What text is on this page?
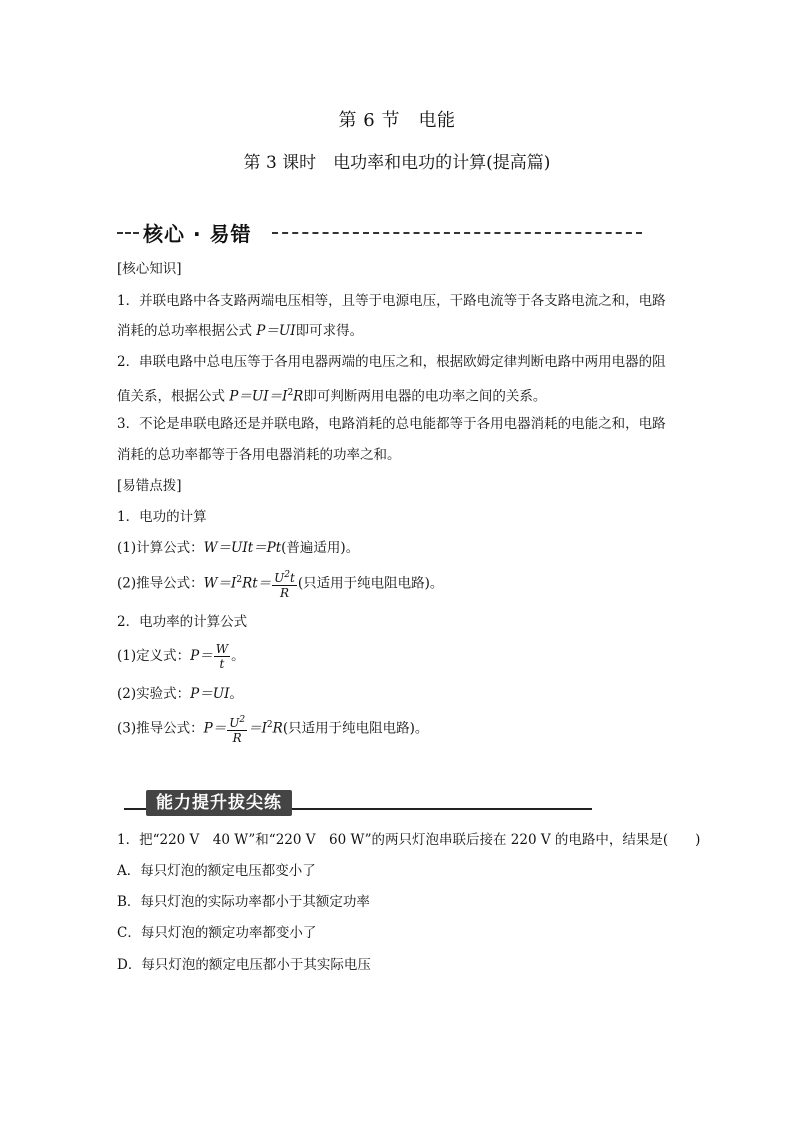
第 6 节　电能
第 3 课时　电功率和电功的计算(提高篇)
核心 · 易错
[核心知识]
1．并联电路中各支路两端电压相等，且等于电源电压，干路电流等于各支路电流之和，电路
消耗的总功率根据公式 P＝UI即可求得。
2．串联电路中总电压等于各用电器两端的电压之和，根据欧姆定律判断电路中两用电器的阻
值关系，根据公式 $P=UI=I^2R$即可判断两用电器的电功率之间的关系。
3．不论是串联电路还是并联电路，电路消耗的总电能都等于各用电器消耗的电能之和，电路
消耗的总功率都等于各用电器消耗的功率之和。
[易错点拨]
1．电功的计算
(1)计算公式：W＝UIt＝Pt(普遍适用)。
(2)推导公式：$W=I^2Rt= \frac{U^2t}{R}$ (只适用于纯电阻电路)。
2．电功率的计算公式
(1)定义式：$P= \frac{W}{t}$ 。
(2)实验式：P＝UI。
(3)推导公式：$P= \frac{U^2}{R} =I^2R$(只适用于纯电阻电路)。
能力提升拔尖练
1．把“220 V　40 W”和“220 V　60 W”的两只灯泡串联后接在 220 V 的电路中，结果是(　　)
A．每只灯泡的额定电压都变小了
B．每只灯泡的实际功率都小于其额定功率
C．每只灯泡的额定功率都变小了
D．每只灯泡的额定电压都小于其实际电压
